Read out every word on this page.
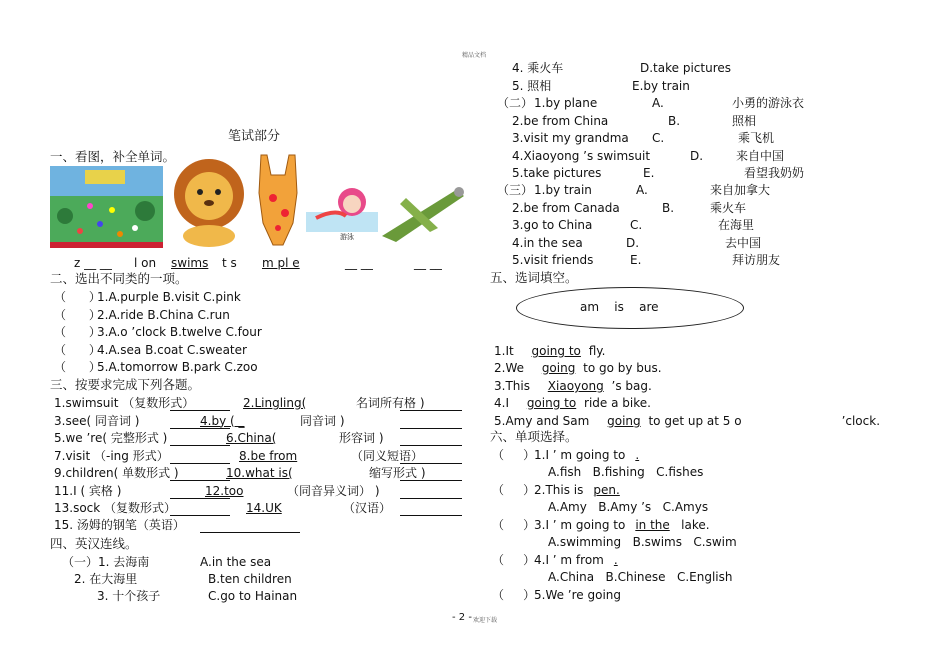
精品文档
- 2 - 欢迎下载
笔试部分
一、看图，补全单词。
游泳
z __ __ l on swims t s m pl e	__ __	__ __
二、选出不同类的一项。
（      ）
1.A.purple B.visit C.pink
（      ）
2.A.ride B.China C.run
（      ）
3.A.o ’clock B.twelve C.four
（      ）
4.A.sea B.coat C.sweater
（      ）
5.A.tomorrow B.park C.zoo
三、按要求完成下列各题。
1.swimsuit （复数形式）	2.Lingling(	名词所有格 )
3.see( 同音词 )	4.by ( _	同音词 )
5.we ’re( 完整形式 )	6.China(	形容词 )
7.visit （-ing 形式）	8.be from	（同义短语）
9.children( 单数形式 )	10.what is(	缩写形式 )
11.I ( 宾格 )	12.too	（同音异义词） )
13.sock （复数形式）	14.UK	（汉语）
15. 汤姆的钢笔（英语）
四、英汉连线。
（一） 1. 去海南	A.in the sea
2. 在大海里	B.ten children
3. 十个孩子	C.go to Hainan
4. 乘火车	D.take pictures
5. 照相	E.by train
（二） 1.by plane	A.	小勇的游泳衣
2.be from China	B.	照相
3.visit my grandma C.	乘飞机
4.Xiaoyong ’s swimsuit	D.	来自中国
5.take pictures	E.	看望我奶奶
（三） 1.by train	A.	来自加拿大
2.be from Canada	B.	乘火车
3.go to China	C.	在海里
4.in the sea	D.	去中国
5.visit friends	E.	拜访朋友
五、选词填空。
am    is    are
1.It going to fly.
2.We going to go by bus.
3.This Xiaoyong ’s bag.
4.I going to ride a bike.
5.Amy and Sam going to get up at 5 o	’clock.
六、单项选择。
（     ）
1.I ’ m going to.
A.fish   B.fishing   C.fishes
（     ）
2.This is pen.
A.Amy   B.Amy ’s   C.Amys
（     ）
3.I ’ m going to in the lake.
A.swimming   B.swims   C.swim
（     ）
4.I ’ m from.
A.China   B.Chinese   C.English
（     ）
5.We ’re going
